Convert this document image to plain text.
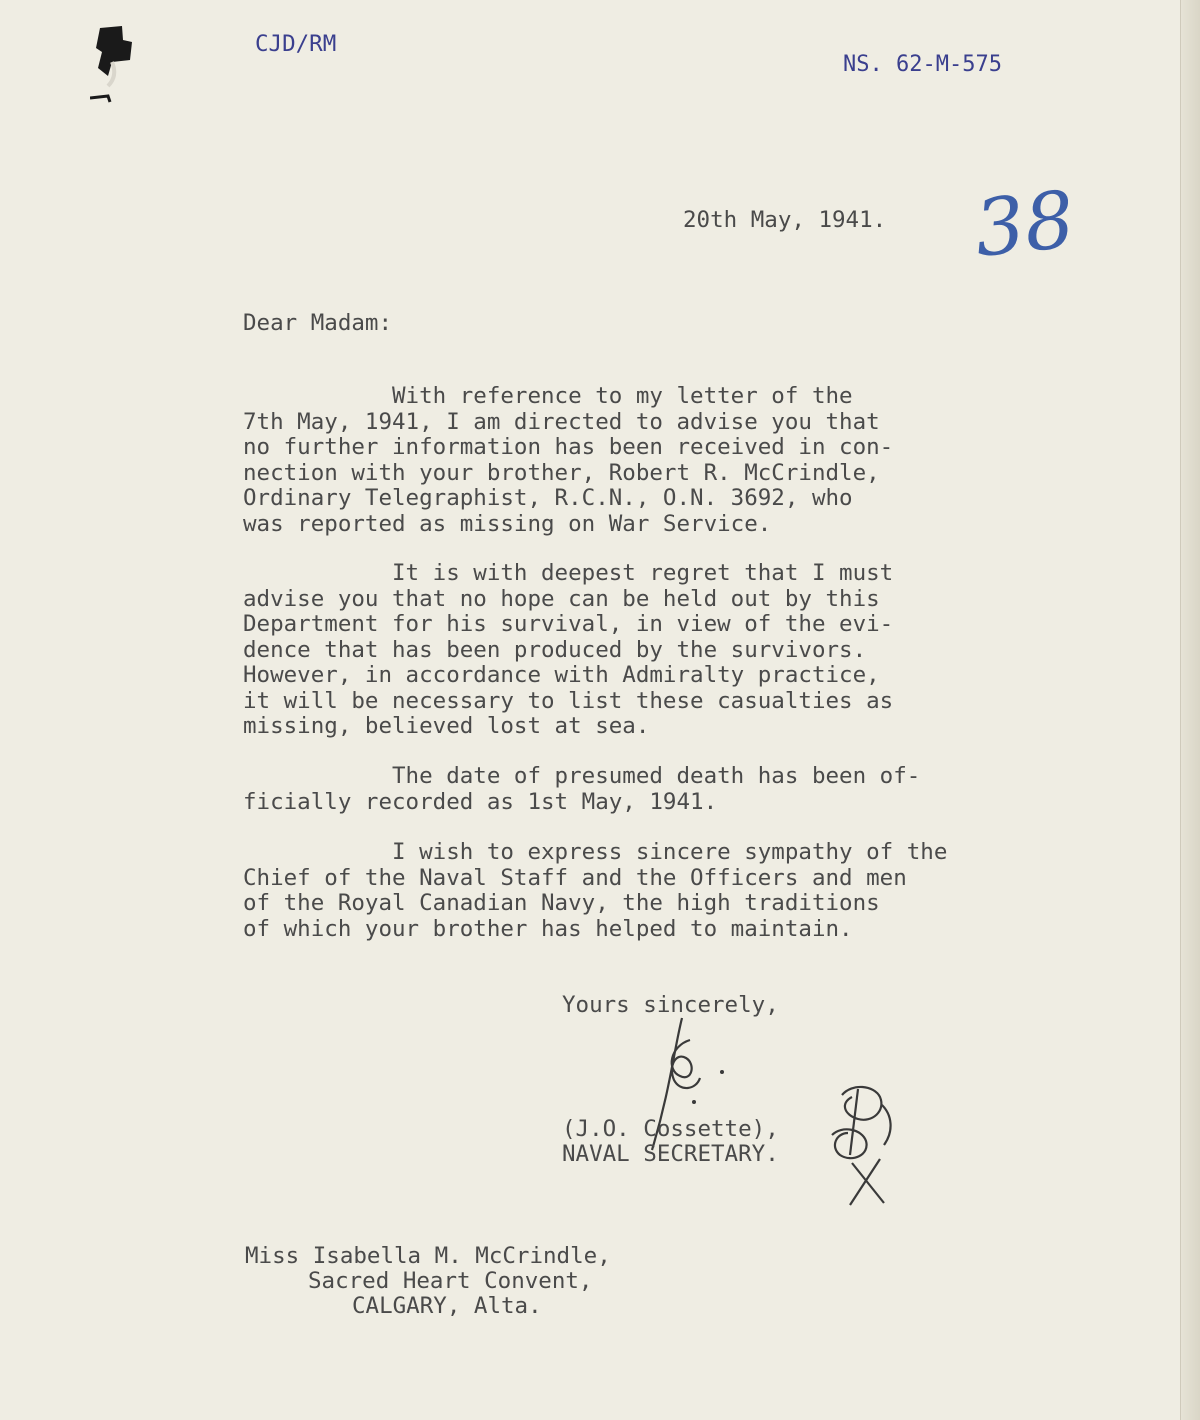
CJD/RM

NS. 62-M-575

20th May, 1941. 38

Dear Madam:

With reference to my letter of the

7th May, 1941, I am directed to advise you that

no further information has been received in con-

nection with your brother, Robert R. McCrindle,

Ordinary Telegraphist, R.C.N., O.N. 3692, who

was reported as missing on War Service.

It is with deepest regret that I must

advise you that no hope can be held out by this

Department for his survival, in view of the evi-

dence that has been produced by the survivors.

However, in accordance with Admiralty practice,

it will be necessary to list these casualties as

missing, believed lost at sea.

The date of presumed death has been of-

ficially recorded as 1st May, 1941.

I wish to express sincere sympathy of the

Chief of the Naval Staff and the Officers and men

of the Royal Canadian Navy, the high traditions

of which your brother has helped to maintain.

Yours sincerely,

(J.O. Cossette),

NAVAL SECRETARY.

Miss Isabella M. McCrindle,

Sacred Heart Convent,

CALGARY, Alta.
